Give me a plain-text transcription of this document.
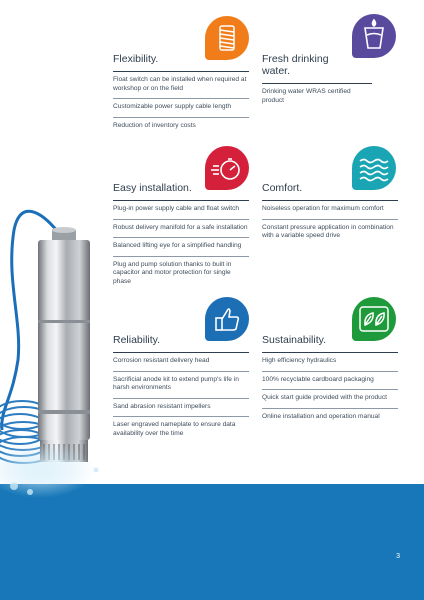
3
Flexibility.
Float switch can be installed when required at workshop or on the field
Customizable power supply cable length
Reduction of inventory costs
Fresh drinking water.
Drinking water WRAS certified product
Easy installation.
Plug-in power supply cable and float switch
Robust delivery manifold for a safe installation
Balanced lifting eye for a simplified handling
Plug and pump solution thanks to built in capacitor and motor protection for single phase
Comfort.
Noiseless operation for maximum comfort
Constant pressure application in combination with a variable speed drive
Reliability.
Corrosion resistant delivery head
Sacrificial anode kit to extend pump's life in harsh environments
Sand abrasion resistant impellers
Laser engraved nameplate to ensure data availability over the time
Sustainability.
High efficiency hydraulics
100% recyclable cardboard packaging
Quick start guide provided with the product
Online installation and operation manual
